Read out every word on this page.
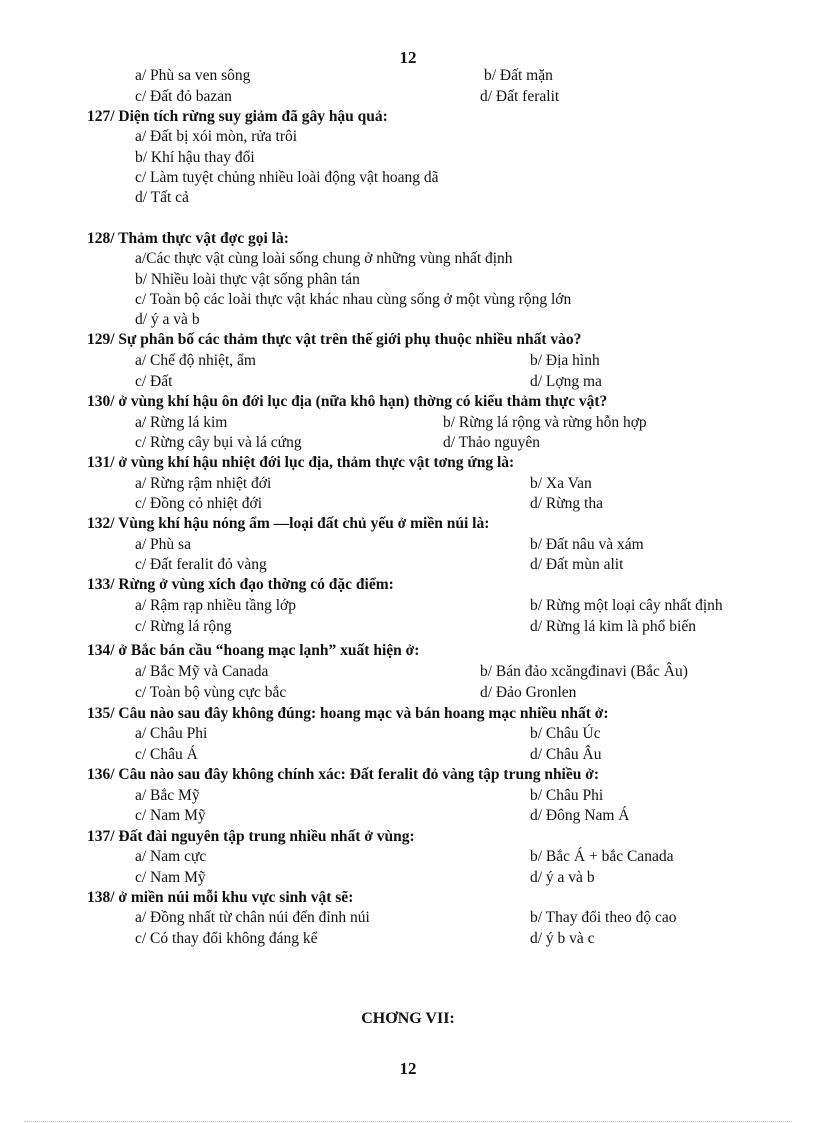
12
a/ Phù sa ven sông	b/ Đất mặn
c/ Đất đỏ bazan	d/ Đất feralit
127/ Diện tích rừng suy giảm đã gây hậu quả:
a/ Đất bị xói mòn, rửa trôi
b/ Khí hậu thay đổi
c/ Làm tuyệt chủng nhiều loài động vật hoang dã
d/ Tất cả
128/ Thảm thực vật đợc gọi là:
a/Các thực vật cùng loài sống chung ở những vùng nhất định
b/ Nhiều loài thực vật sống phân tán
c/ Toàn bộ các loài thực vật khác nhau cùng sống ở một vùng rộng lớn
d/ ý a và b
129/ Sự phân bố các thảm thực vật trên thế giới phụ thuộc nhiều nhất vào?
a/ Chế độ nhiệt, ẩm	b/ Địa hình
c/ Đất	d/ Lợng ma
130/ ở vùng khí hậu ôn đới lục địa (nữa khô hạn) thờng có kiểu thảm thực vật?
a/ Rừng lá kim	b/ Rừng lá rộng và rừng hỗn hợp
c/ Rừng cây bụi và lá cứng	d/ Thảo nguyên
131/ ở vùng khí hậu nhiệt đới lục địa, thảm thực vật tơng ứng là:
a/ Rừng rậm nhiệt đới	b/ Xa Van
c/ Đồng cỏ nhiệt đới	d/ Rừng tha
132/ Vùng khí hậu nóng ẩm —loại đất chủ yếu ở miền núi là:
a/ Phù sa	b/ Đất nâu và xám
c/ Đất feralit đỏ vàng	d/ Đất mùn alit
133/ Rừng ở vùng xích đạo thờng có đặc điểm:
a/ Rậm rạp nhiều tầng lớp	b/ Rừng một loại cây nhất định
c/ Rừng lá rộng	d/ Rừng lá kim là phổ biến
134/ ở Bắc bán cầu “hoang mạc lạnh” xuất hiện ở:
a/ Bắc Mỹ và Canada	b/ Bán đảo xcăngđinavi (Bắc Âu)
c/ Toàn bộ vùng cực bắc	d/ Đảo Gronlen
135/ Câu nào sau đây không đúng: hoang mạc và bán hoang mạc nhiều nhất ở:
a/ Châu Phi	b/ Châu Úc
c/ Châu Á	d/ Châu Âu
136/ Câu nào sau đây không chính xác: Đất feralit đỏ vàng tập trung nhiều ở:
a/ Bắc Mỹ	b/ Châu Phi
c/ Nam Mỹ	d/ Đông Nam Á
137/ Đất đài nguyên tập trung nhiều nhất ở vùng:
a/ Nam cực	b/ Bắc Á + bắc Canada
c/ Nam Mỹ	d/ ý a và b
138/ ở miền núi mỗi khu vực sinh vật sẽ:
a/ Đồng nhất từ chân núi đến đỉnh núi	b/ Thay đổi theo độ cao
c/ Có thay đổi không đáng kể	d/ ý b và c
CHƠNG VII:
12
